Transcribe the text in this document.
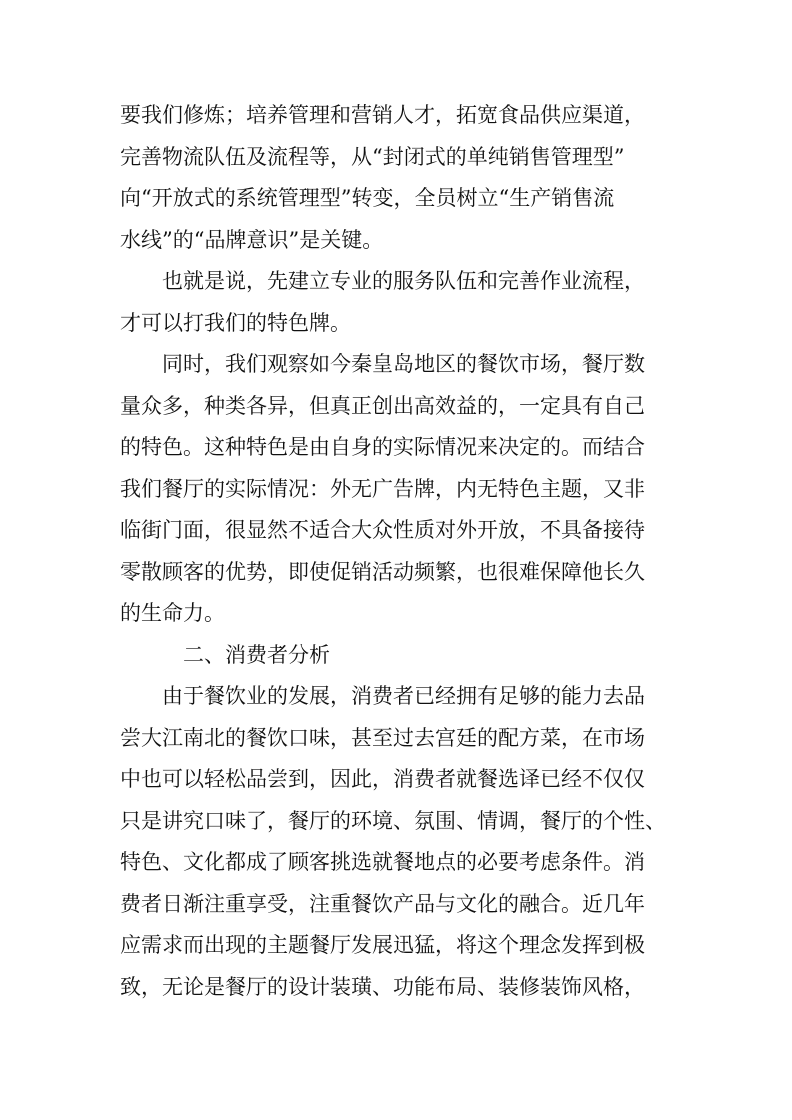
要我们修炼；培养管理和营销人才，拓宽食品供应渠道，
完善物流队伍及流程等，从“封闭式的单纯销售管理型”
向“开放式的系统管理型”转变，全员树立“生产销售流
水线”的“品牌意识”是关键。
也就是说，先建立专业的服务队伍和完善作业流程，
才可以打我们的特色牌。
同时，我们观察如今秦皇岛地区的餐饮市场，餐厅数
量众多，种类各异，但真正创出高效益的，一定具有自己
的特色。这种特色是由自身的实际情况来决定的。而结合
我们餐厅的实际情况：外无广告牌，内无特色主题，又非
临街门面，很显然不适合大众性质对外开放，不具备接待
零散顾客的优势，即使促销活动频繁，也很难保障他长久
的生命力。
二、消费者分析
由于餐饮业的发展，消费者已经拥有足够的能力去品
尝大江南北的餐饮口味，甚至过去宫廷的配方菜，在市场
中也可以轻松品尝到，因此，消费者就餐选译已经不仅仅
只是讲究口味了，餐厅的环境、氛围、情调，餐厅的个性、
特色、文化都成了顾客挑选就餐地点的必要考虑条件。消
费者日渐注重享受，注重餐饮产品与文化的融合。近几年
应需求而出现的主题餐厅发展迅猛，将这个理念发挥到极
致，无论是餐厅的设计装璜、功能布局、装修装饰风格，
